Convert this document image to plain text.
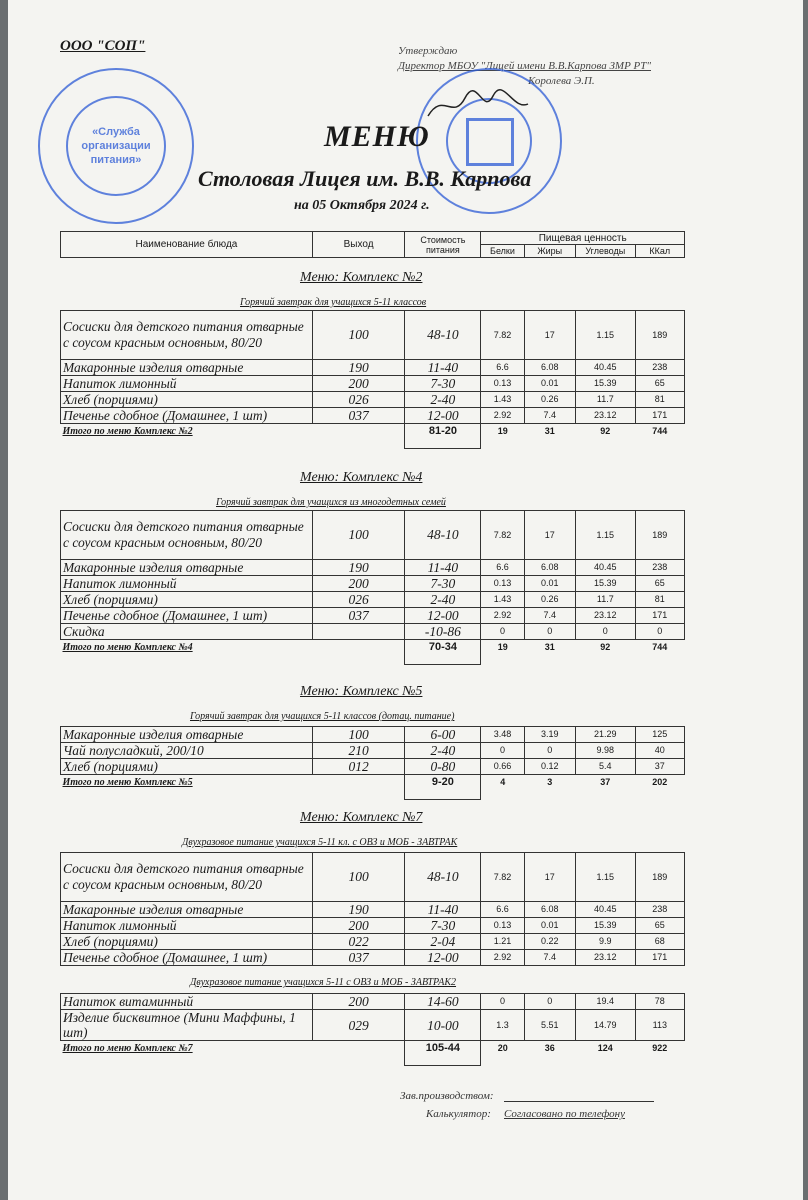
ООО "СОП"
«Служба организации питания»
Утверждаю
Директор МБОУ "Лицей имени В.В.Карпова ЗМР РТ"
Королева Э.П.
МЕНЮ
Столовая Лицея им. В.В. Карпова
на 05 Октября 2024 г.
Наименование блюда	Выход	Стоимость питания	Пищевая ценность			
			Белки	Жиры	Углеводы	ККал
Меню: Комплекс №2
Горячий завтрак для учащихся 5-11 классов
Сосиски для детского питания отварные с соусом красным основным, 80/20	100	48-10	7.82	17	1.15	189
Макаронные изделия отварные	190	11-40	6.6	6.08	40.45	238
Напиток лимонный	200	7-30	0.13	0.01	15.39	65
Хлеб (порциями)	026	2-40	1.43	0.26	11.7	81
Печенье сдобное (Домашнее, 1 шт)	037	12-00	2.92	7.4	23.12	171
Итого по меню Комплекс №2		81-20	19	31	92	744
Меню: Комплекс №4
Горячий завтрак для учащихся из многодетных семей
Сосиски для детского питания отварные с соусом красным основным, 80/20	100	48-10	7.82	17	1.15	189
Макаронные изделия отварные	190	11-40	6.6	6.08	40.45	238
Напиток лимонный	200	7-30	0.13	0.01	15.39	65
Хлеб (порциями)	026	2-40	1.43	0.26	11.7	81
Печенье сдобное (Домашнее, 1 шт)	037	12-00	2.92	7.4	23.12	171
Скидка		-10-86	0	0	0	0
Итого по меню Комплекс №4		70-34	19	31	92	744
Меню: Комплекс №5
Горячий завтрак для учащихся 5-11 классов (дотац. питание)
Макаронные изделия отварные	100	6-00	3.48	3.19	21.29	125
Чай полусладкий, 200/10	210	2-40	0	0	9.98	40
Хлеб (порциями)	012	0-80	0.66	0.12	5.4	37
Итого по меню Комплекс №5		9-20	4	3	37	202
Меню: Комплекс №7
Двухразовое питание учащихся 5-11 кл. с ОВЗ и МОБ - ЗАВТРАК
Сосиски для детского питания отварные с соусом красным основным, 80/20	100	48-10	7.82	17	1.15	189
Макаронные изделия отварные	190	11-40	6.6	6.08	40.45	238
Напиток лимонный	200	7-30	0.13	0.01	15.39	65
Хлеб (порциями)	022	2-04	1.21	0.22	9.9	68
Печенье сдобное (Домашнее, 1 шт)	037	12-00	2.92	7.4	23.12	171
Двухразовое питание учащихся 5-11 с ОВЗ и МОБ - ЗАВТРАК2
Напиток витаминный	200	14-60	0	0	19.4	78
Изделие бисквитное (Мини Маффины, 1 шт)	029	10-00	1.3	5.51	14.79	113
Итого по меню Комплекс №7		105-44	20	36	124	922
Зав.производством:
Калькулятор: Согласовано по телефону
